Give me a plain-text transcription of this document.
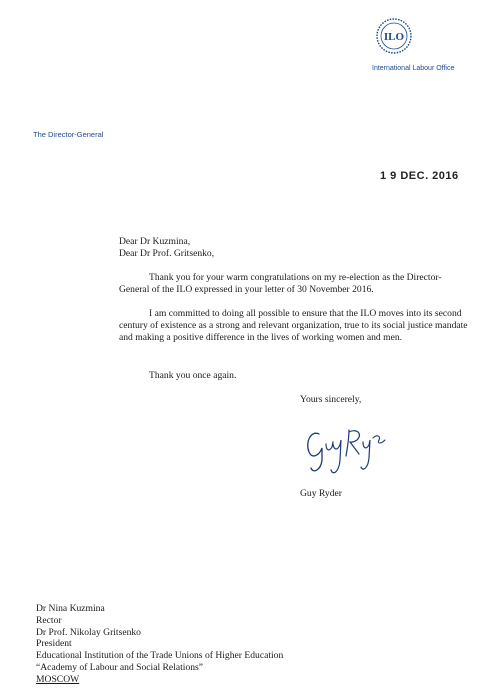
ILO
International Labour Office
The Director-General
1 9 DEC. 2016
Dear Dr Kuzmina,
Dear Dr Prof. Gritsenko,

Thank you for your warm congratulations on my re-election as the Director-General of the ILO expressed in your letter of 30 November 2016.

I am committed to doing all possible to ensure that the ILO moves into its second century of existence as a strong and relevant organization, true to its social justice mandate and making a positive difference in the lives of working women and men.

Thank you once again.

Yours sincerely,
Guy Ryder
Dr Nina Kuzmina
Rector
Dr Prof. Nikolay Gritsenko
President
Educational Institution of the Trade Unions of Higher Education
“Academy of Labour and Social Relations”
MOSCOW
